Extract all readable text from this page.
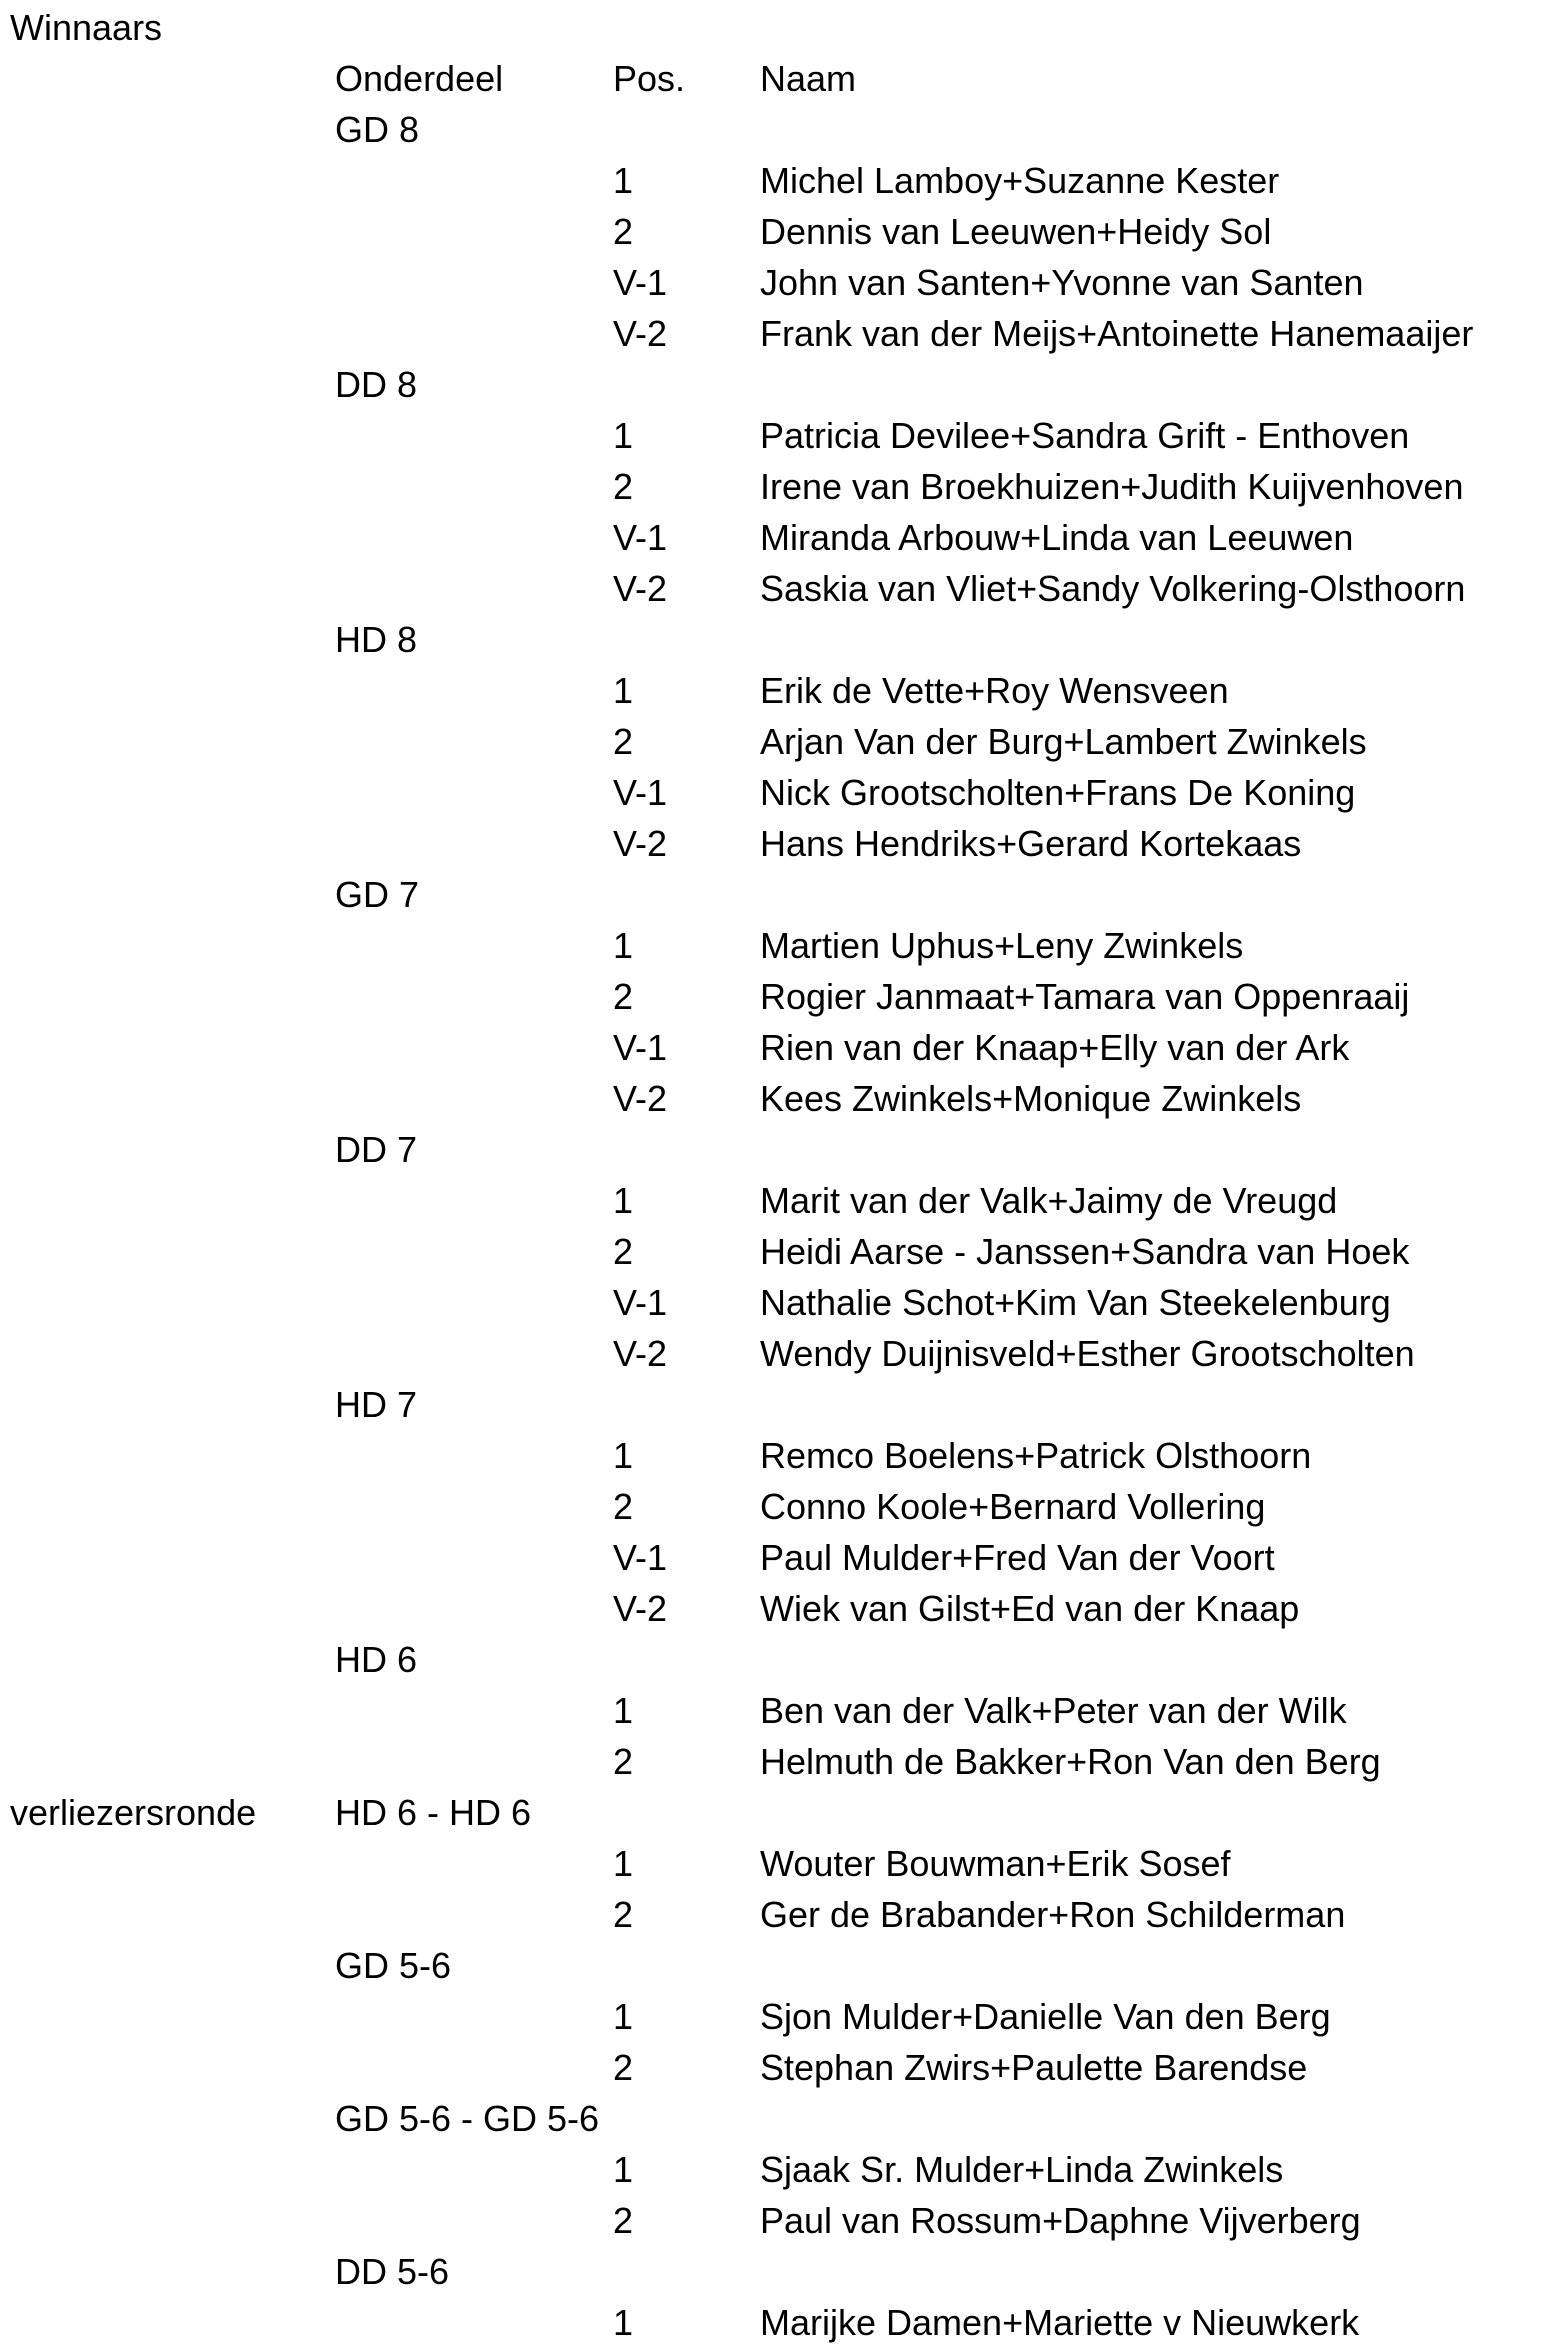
Winnaars
Onderdeel	Pos. Naam
GD 8
1	Michel Lamboy+Suzanne Kester
2	Dennis van Leeuwen+Heidy Sol
V-1	John van Santen+Yvonne van Santen
V-2	Frank van der Meijs+Antoinette Hanemaaijer
DD 8
1	Patricia Devilee+Sandra Grift - Enthoven
2	Irene van Broekhuizen+Judith Kuijvenhoven
V-1	Miranda Arbouw+Linda van Leeuwen
V-2	Saskia van Vliet+Sandy Volkering-Olsthoorn
HD 8
1	Erik de Vette+Roy Wensveen
2	Arjan Van der Burg+Lambert Zwinkels
V-1	Nick Grootscholten+Frans De Koning
V-2	Hans Hendriks+Gerard Kortekaas
GD 7
1	Martien Uphus+Leny Zwinkels
2	Rogier Janmaat+Tamara van Oppenraaij
V-1	Rien van der Knaap+Elly van der Ark
V-2	Kees Zwinkels+Monique Zwinkels
DD 7
1	Marit van der Valk+Jaimy de Vreugd
2	Heidi Aarse - Janssen+Sandra van Hoek
V-1	Nathalie Schot+Kim Van Steekelenburg
V-2	Wendy Duijnisveld+Esther Grootscholten
HD 7
1	Remco Boelens+Patrick Olsthoorn
2	Conno Koole+Bernard Vollering
V-1	Paul Mulder+Fred Van der Voort
V-2	Wiek van Gilst+Ed van der Knaap
HD 6
1	Ben van der Valk+Peter van der Wilk
2	Helmuth de Bakker+Ron Van den Berg
verliezersronde HD 6 - HD 6
1	Wouter Bouwman+Erik Sosef
2	Ger de Brabander+Ron Schilderman
GD 5-6
1	Sjon Mulder+Danielle Van den Berg
2	Stephan Zwirs+Paulette Barendse
GD 5-6 - GD 5-6
1	Sjaak Sr. Mulder+Linda Zwinkels
2	Paul van Rossum+Daphne Vijverberg
DD 5-6
1	Marijke Damen+Mariette v Nieuwkerk
